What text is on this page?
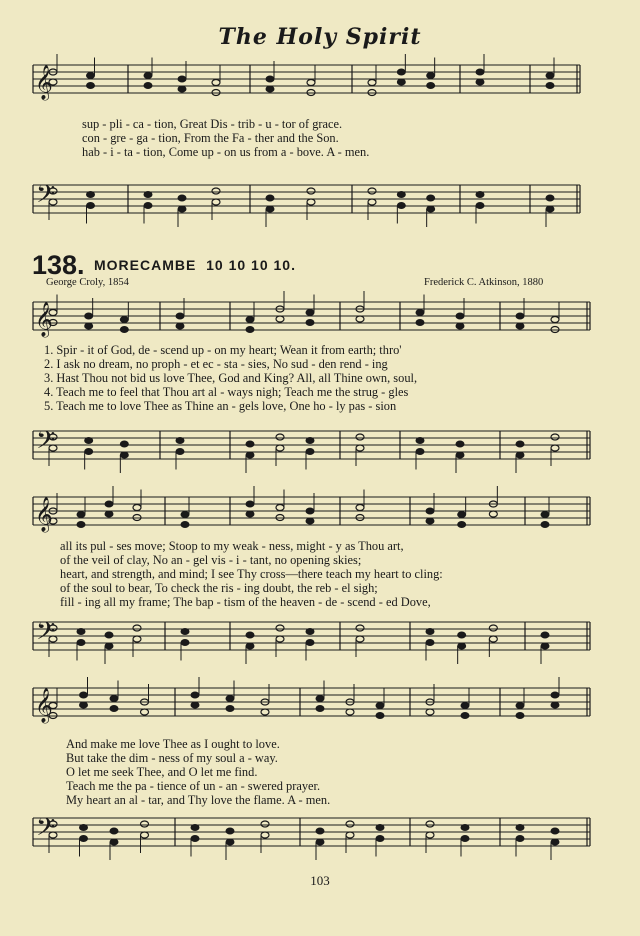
𝄞
𝄢
𝄞
𝄢
𝄞
𝄢
𝄞
𝄢
The Holy Spirit
sup - pli - ca - tion, Great Dis - trib - u - tor of grace.
con - gre - ga - tion, From the Fa - ther and the Son.
hab - i - ta - tion, Come up - on us from a - bove. A - men.
138. MORECAMBE 10 10 10 10.
George Croly, 1854	Frederick C. Atkinson, 1880
1. Spir - it of God, de - scend up - on my heart; Wean it from earth; thro'
2. I ask no dream, no proph - et ec - sta - sies, No sud - den rend - ing
3. Hast Thou not bid us love Thee, God and King? All, all Thine own, soul,
4. Teach me to feel that Thou art al - ways nigh; Teach me the strug - gles
5. Teach me to love Thee as Thine an - gels love, One ho - ly pas - sion
all its pul - ses move; Stoop to my weak - ness, might - y as Thou art,
of the veil of clay, No an - gel vis - i - tant, no opening skies;
heart, and strength, and mind; I see Thy cross—there teach my heart to cling:
of the soul to bear, To check the ris - ing doubt, the reb - el sigh;
fill - ing all my frame; The bap - tism of the heaven - de - scend - ed Dove,
And make me love Thee as I ought to love.
But take the dim - ness of my soul a - way.
O let me seek Thee, and O let me find.
Teach me the pa - tience of un - an - swered prayer.
My heart an al - tar, and Thy love the flame. A - men.
103
